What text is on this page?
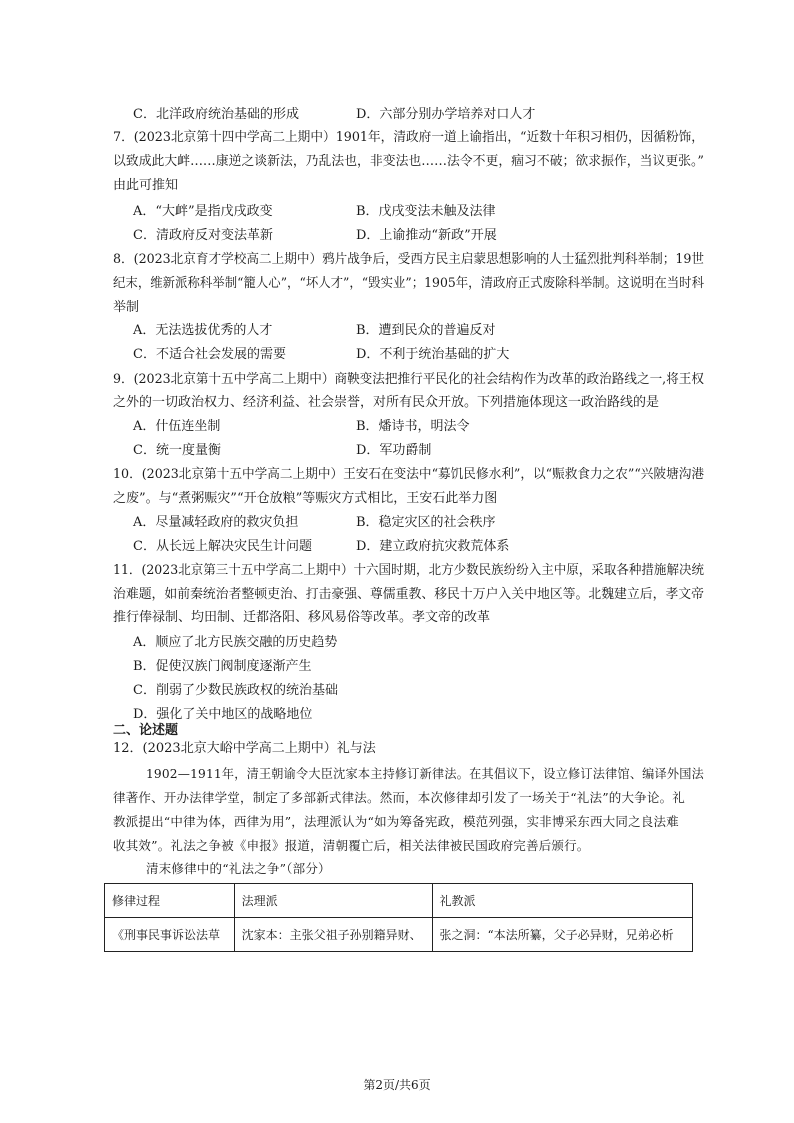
C．北洋政府统治基础的形成	D．六部分别办学培养对口人才
7．(2023北京第十四中学高二上期中）1901年，清政府一道上谕指出，“近数十年积习相仍，因循粉饰，
以致成此大衅……康逆之谈新法，乃乱法也，非变法也……法令不更，痼习不破；欲求振作，当议更张。”
由此可推知
A．“大衅”是指戊戌政变	B．戊戌变法未触及法律
C．清政府反对变法革新	D．上谕推动“新政”开展
8．(2023北京育才学校高二上期中）鸦片战争后，受西方民主启蒙思想影响的人士猛烈批判科举制；19世
纪末，维新派称科举制“籠人心”，“坏人才”，“毁实业”；1905年，清政府正式废除科举制。这说明在当时科
举制
A．无法选拔优秀的人才	B．遭到民众的普遍反对
C．不适合社会发展的需要	D．不利于统治基础的扩大
9．(2023北京第十五中学高二上期中）商鞅变法把推行平民化的社会结构作为改革的政治路线之一,将王权
之外的一切政治权力、经济利益、社会崇誉，对所有民众开放。下列措施体现这一政治路线的是
A．什伍连坐制	B．燔诗书，明法令
C．统一度量衡	D．军功爵制
10．(2023北京第十五中学高二上期中）王安石在变法中“募饥民修水利”，以“赈救食力之农”“兴陂塘沟港
之废”。与“煮粥赈灾”“开仓放粮”等赈灾方式相比，王安石此举力图
A．尽量减轻政府的救灾负担	B．稳定灾区的社会秩序
C．从长远上解决灾民生计问题	D．建立政府抗灾救荒体系
11．(2023北京第三十五中学高二上期中）十六国时期，北方少数民族纷纷入主中原，采取各种措施解决统
治难题，如前秦统治者整顿吏治、打击豪强、尊儒重教、移民十万户入关中地区等。北魏建立后，孝文帝
推行俸禄制、均田制、迁都洛阳、移风易俗等改革。孝文帝的改革
A．顺应了北方民族交融的历史趋势
B．促使汉族门阀制度逐渐产生
C．削弱了少数民族政权的统治基础
D．强化了关中地区的战略地位
二、论述题
12．(2023北京大峪中学高二上期中）礼与法
1902—1911年，清王朝谕令大臣沈家本主持修订新律法。在其倡议下，设立修订法律馆、编译外国法
律著作、开办法律学堂，制定了多部新式律法。然而，本次修律却引发了一场关于“礼法”的大争论。礼
教派提出“中律为体，西律为用”，法理派认为“如为筹备宪政，模范列强，实非博采东西大同之良法难
收其效”。礼法之争被《申报》报道，清朝覆亡后，相关法律被民国政府完善后颁行。
清末修律中的“礼法之争”（部分）
修律过程	法理派	礼教派
《刑事民事诉讼法草	沈家本：主张父祖子孙别籍异财、	张之洞：“本法所纂，父子必异财，兄弟必析
第2页/共6页
